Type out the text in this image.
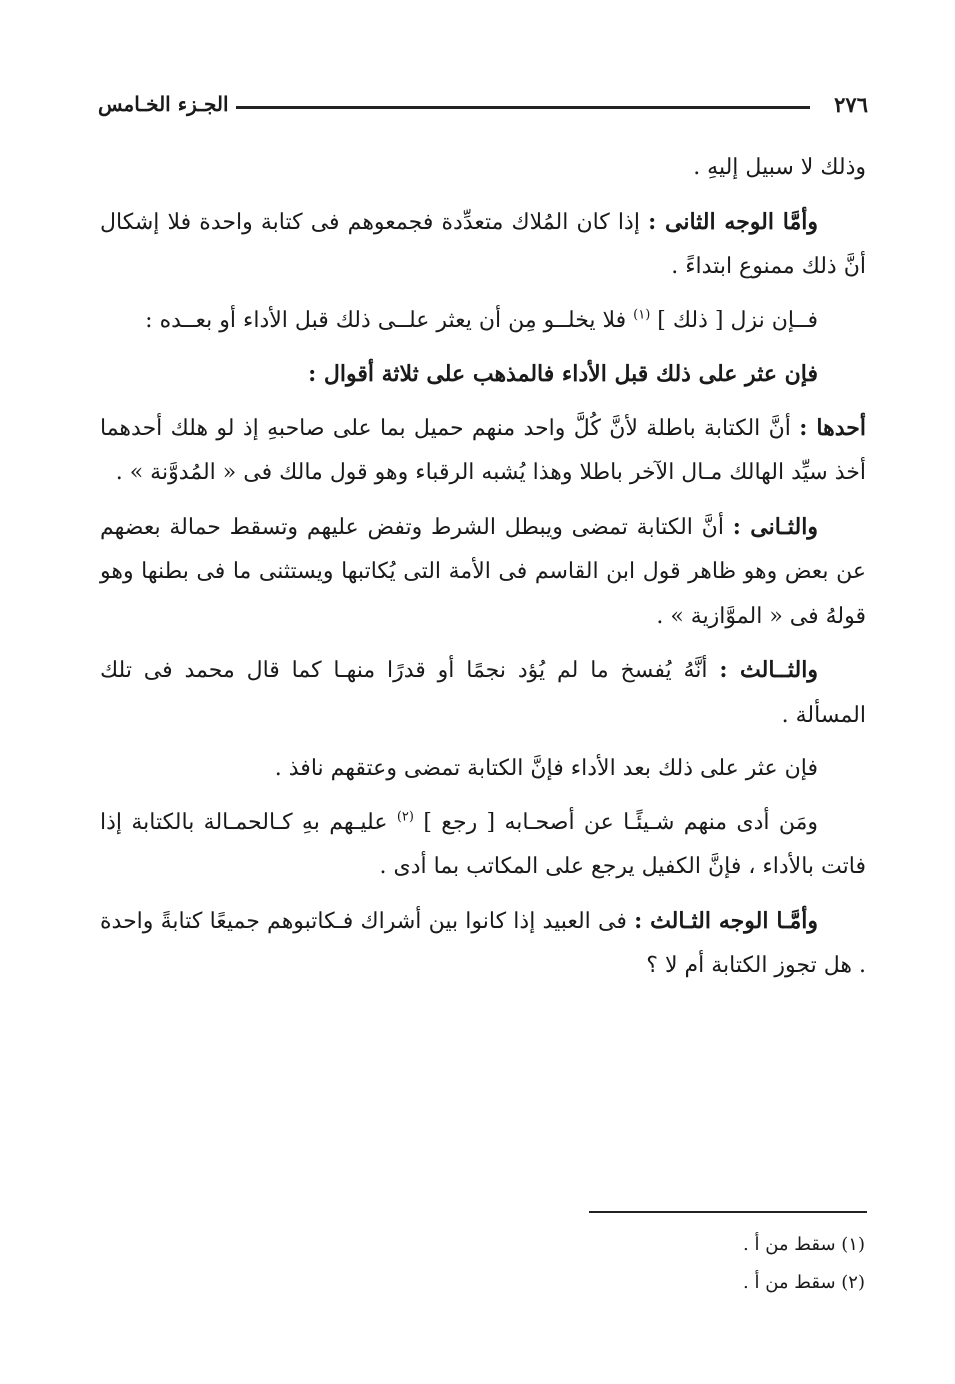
٢٧٦
الجـزء الخـامس

وذلك لا سبيل إليهِ .

وأمَّا الوجه الثانى : إذا كان المُلاك متعدِّدة فجمعوهم فى كتابة واحدة فلا إشكال أنَّ ذلك ممنوع ابتداءً .

فــإن نزل [ ذلك ] $^{(١)}$ فلا يخلــو مِن أن يعثر علــى ذلك قبل الأداء أو بعــده :

فإن عثر على ذلك قبل الأداء فالمذهب على ثلاثة أقوال :

أحدها : أنَّ الكتابة باطلة لأنَّ كُلَّ واحد منهم حميل بما على صاحبهِ إذ لو هلك أحدهما أخذ سيِّد الهالك مـال الآخر باطلا وهذا يُشبه الرقباء وهو قول مالك فى « المُدوَّنة » .

والثـانى : أنَّ الكتابة تمضى ويبطل الشرط وتفض عليهم وتسقط حمالة بعضهم عن بعض وهو ظاهر قول ابن القاسم فى الأمة التى يُكاتبها ويستثنى ما فى بطنها وهو قولهُ فى « الموَّازية » .

والثــالث : أنَّهُ يُفسخ ما لم يُؤد نجمًا أو قدرًا منهـا كما قال محمد فى تلك المسألة .

فإن عثر على ذلك بعد الأداء فإنَّ الكتابة تمضى وعتقهم نافذ .

ومَن أدى منهم شـيئًـا عن أصحـابه [ رجع ] $^{(٢)}$ عليـهم بهِ كـالحمـالة بالكتابة إذا فاتت بالأداء ، فإنَّ الكفيل يرجع على المكاتب بما أدى .

وأمَّـا الوجه الثـالث : فى العبيد إذا كانوا بين أشراك فـكاتبوهم جميعًا كتابةً واحدة . هل تجوز الكتابة أم لا ؟

(١) سقط من أ .

(٢) سقط من أ .
